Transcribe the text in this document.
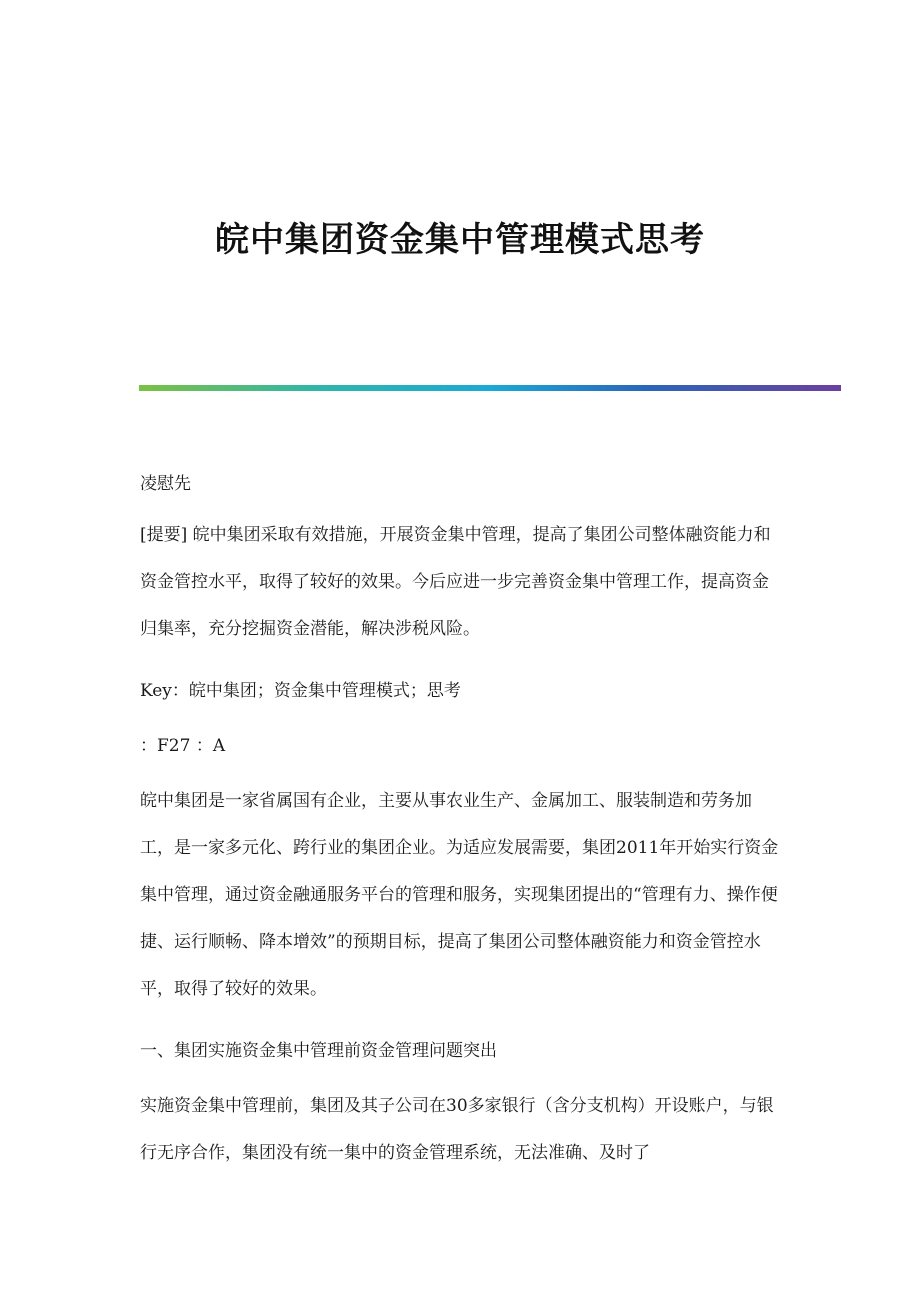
皖中集团资金集中管理模式思考

凌慰先

[提要] 皖中集团采取有效措施，开展资金集中管理，提高了集团公司整体融资能力和资金管控水平，取得了较好的效果。今后应进一步完善资金集中管理工作，提高资金归集率，充分挖掘资金潜能，解决涉税风险。

Key：皖中集团；资金集中管理模式；思考

：F27 ：A

皖中集团是一家省属国有企业，主要从事农业生产、金属加工、服装制造和劳务加工，是一家多元化、跨行业的集团企业。为适应发展需要，集团2011年开始实行资金集中管理，通过资金融通服务平台的管理和服务，实现集团提出的“管理有力、操作便捷、运行顺畅、降本增效”的预期目标，提高了集团公司整体融资能力和资金管控水平，取得了较好的效果。

一、集团实施资金集中管理前资金管理问题突出

实施资金集中管理前，集团及其子公司在30多家银行（含分支机构）开设账户，与银行无序合作，集团没有统一集中的资金管理系统，无法准确、及时了
